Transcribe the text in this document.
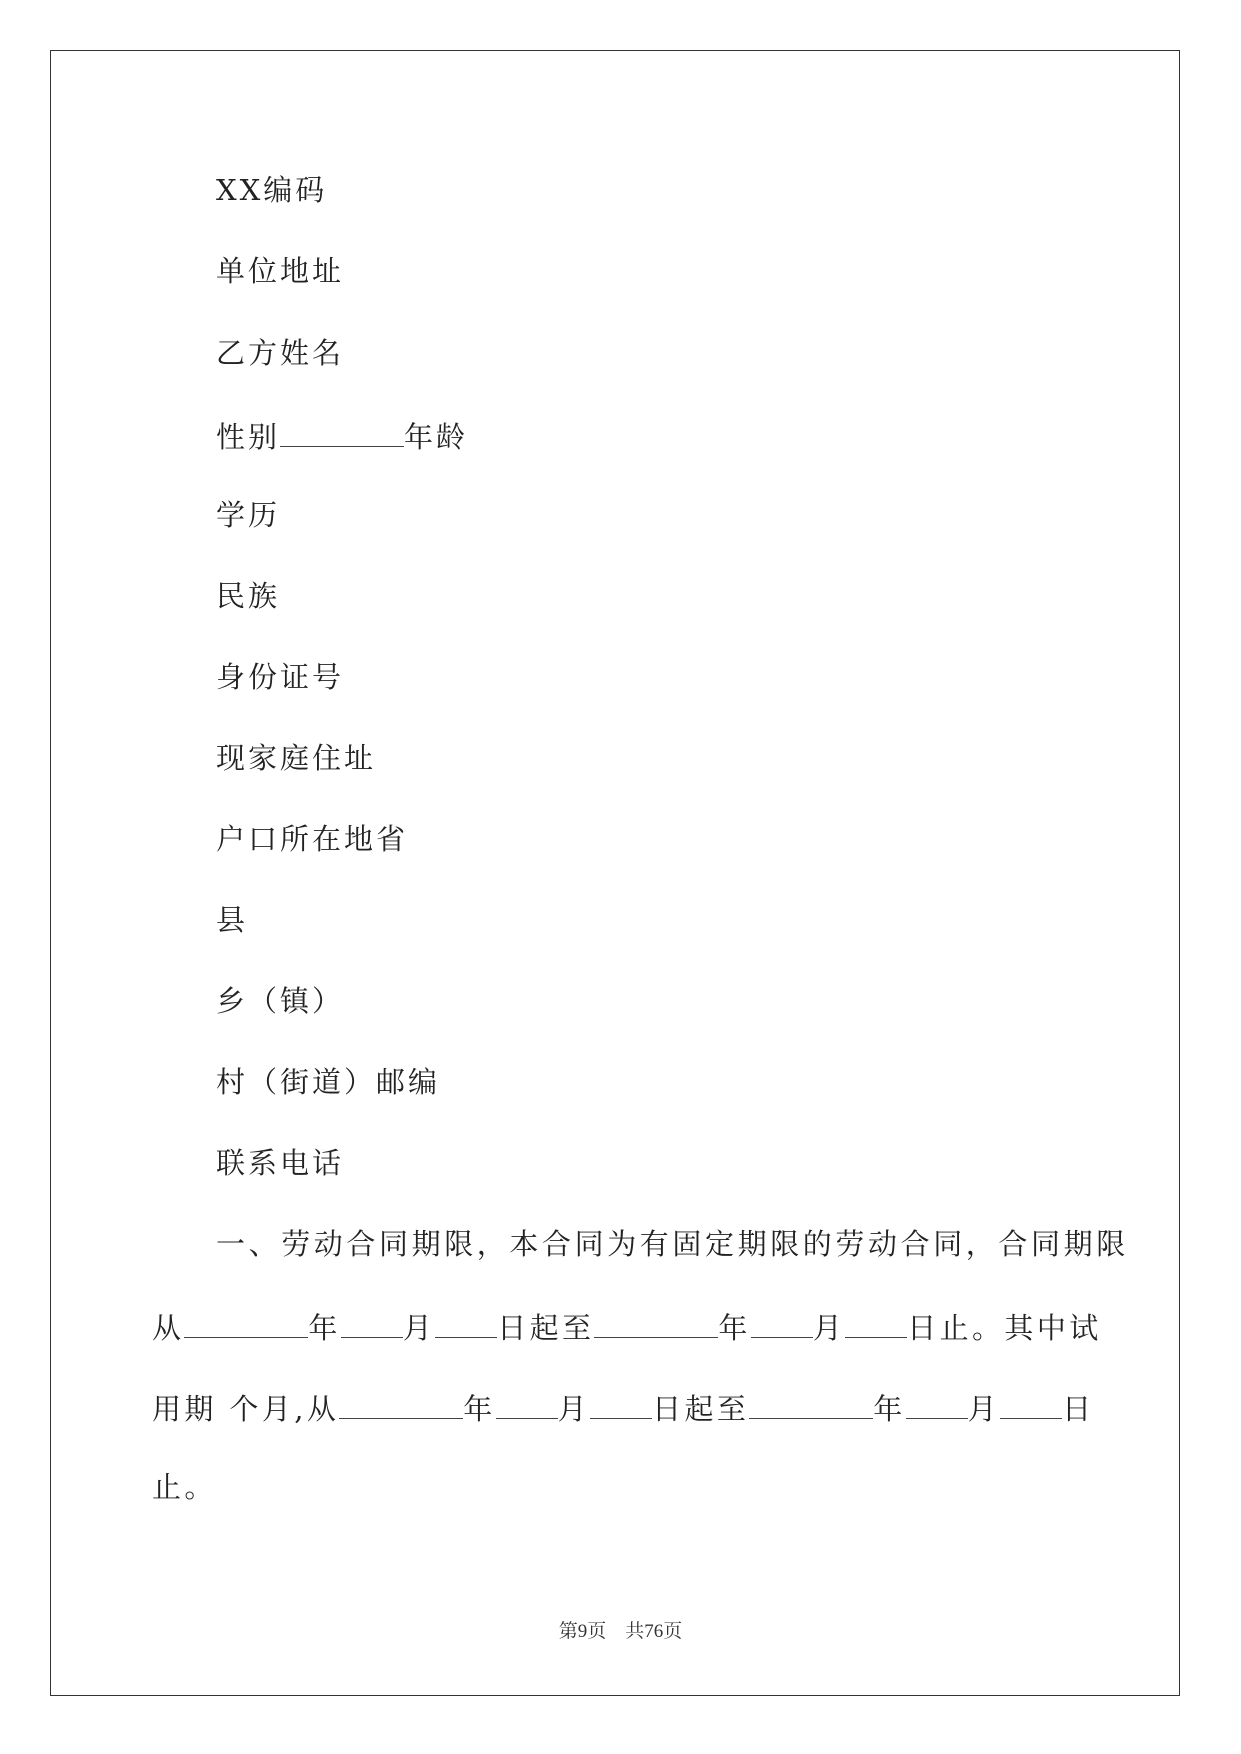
XX编码
单位地址
乙方姓名
性别	年龄
学历
民族
身份证号
现家庭住址
户口所在地省
县
乡（镇）
村（街道）邮编
联系电话
一、劳动合同期限，本合同为有固定期限的劳动合同，合同期限
从	年 月 日起至	年 月 日止。其中试
用期 个月,从	年 月 日起至	年 月 日
止。
第9页 共76页
